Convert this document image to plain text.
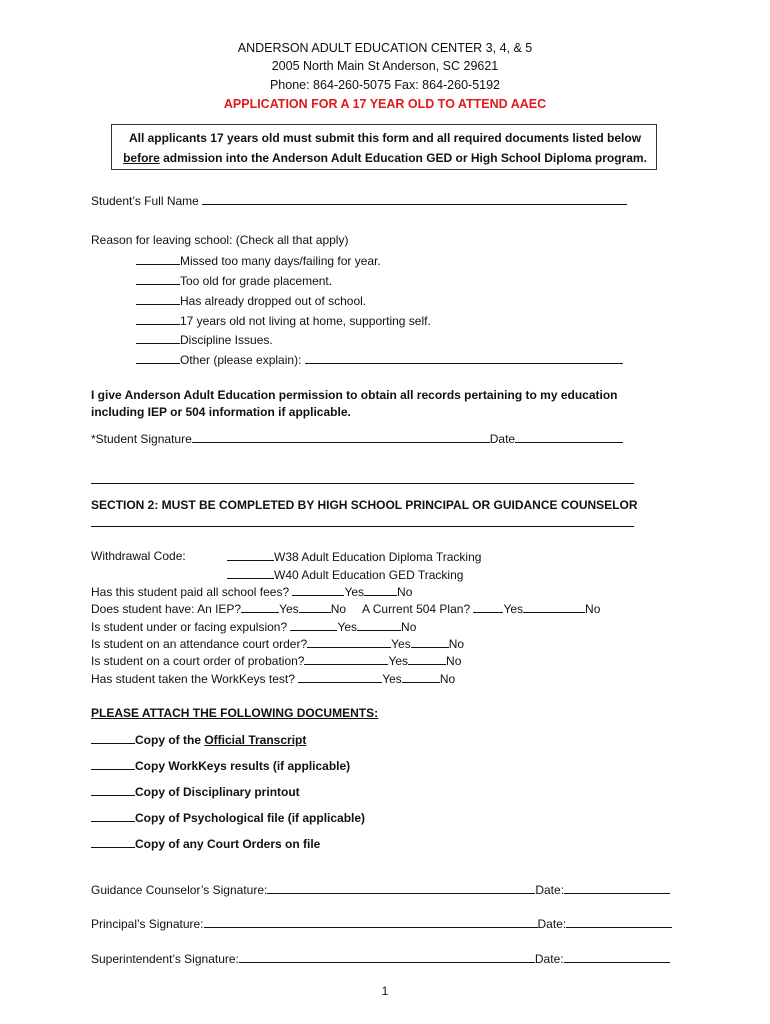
ANDERSON ADULT EDUCATION CENTER 3, 4, & 5
2005 North Main St Anderson, SC 29621
Phone: 864-260-5075 Fax: 864-260-5192
APPLICATION FOR A 17 YEAR OLD TO ATTEND AAEC
All applicants 17 years old must submit this form and all required documents listed below
before admission into the Anderson Adult Education GED or High School Diploma program.
Student’s Full Name
Reason for leaving school: (Check all that apply)
Missed too many days/failing for year.
Too old for grade placement.
Has already dropped out of school.
17 years old not living at home, supporting self.
Discipline Issues.
Other (please explain):
I give Anderson Adult Education permission to obtain all records pertaining to my education
including IEP or 504 information if applicable.
*Student Signature	Date
SECTION 2: MUST BE COMPLETED BY HIGH SCHOOL PRINCIPAL OR GUIDANCE COUNSELOR
Withdrawal Code:	W38 Adult Education Diploma Tracking
W40 Adult Education GED Tracking
Has this student paid all school fees?	Yes	No
Does student have: An IEP?	Yes	No A Current 504 Plan?	Yes	No
Is student under or facing expulsion?	Yes	No
Is student on an attendance court order?	Yes	No
Is student on a court order of probation?	Yes	No
Has student taken the WorkKeys test?	Yes	No
PLEASE ATTACH THE FOLLOWING DOCUMENTS:
Copy of the Official Transcript
Copy WorkKeys results (if applicable)
Copy of Disciplinary printout
Copy of Psychological file (if applicable)
Copy of any Court Orders on file
Guidance Counselor’s Signature:	Date:
Principal’s Signature:	Date:
Superintendent’s Signature:	Date:
1
